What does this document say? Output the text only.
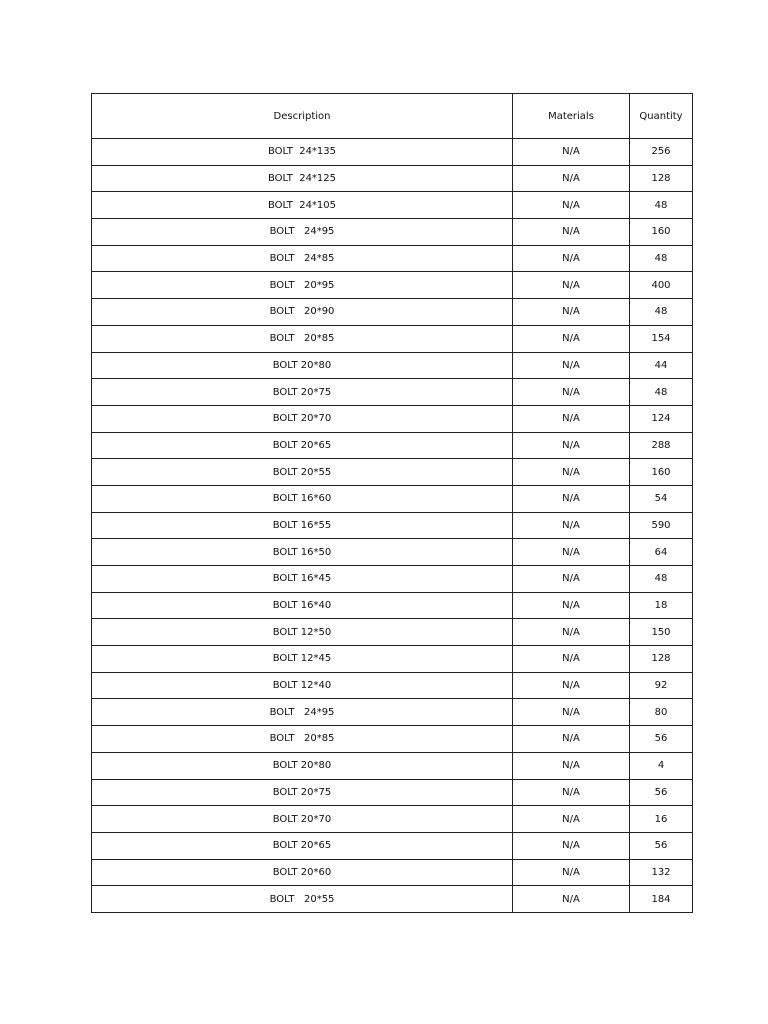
Description	Materials	Quantity
BOLT  24*135	N/A	256
BOLT  24*125	N/A	128
BOLT  24*105	N/A	48
BOLT   24*95	N/A	160
BOLT   24*85	N/A	48
BOLT   20*95	N/A	400
BOLT   20*90	N/A	48
BOLT   20*85	N/A	154
BOLT 20*80	N/A	44
BOLT 20*75	N/A	48
BOLT 20*70	N/A	124
BOLT 20*65	N/A	288
BOLT 20*55	N/A	160
BOLT 16*60	N/A	54
BOLT 16*55	N/A	590
BOLT 16*50	N/A	64
BOLT 16*45	N/A	48
BOLT 16*40	N/A	18
BOLT 12*50	N/A	150
BOLT 12*45	N/A	128
BOLT 12*40	N/A	92
BOLT   24*95	N/A	80
BOLT   20*85	N/A	56
BOLT 20*80	N/A	4
BOLT 20*75	N/A	56
BOLT 20*70	N/A	16
BOLT 20*65	N/A	56
BOLT 20*60	N/A	132
BOLT   20*55	N/A	184
